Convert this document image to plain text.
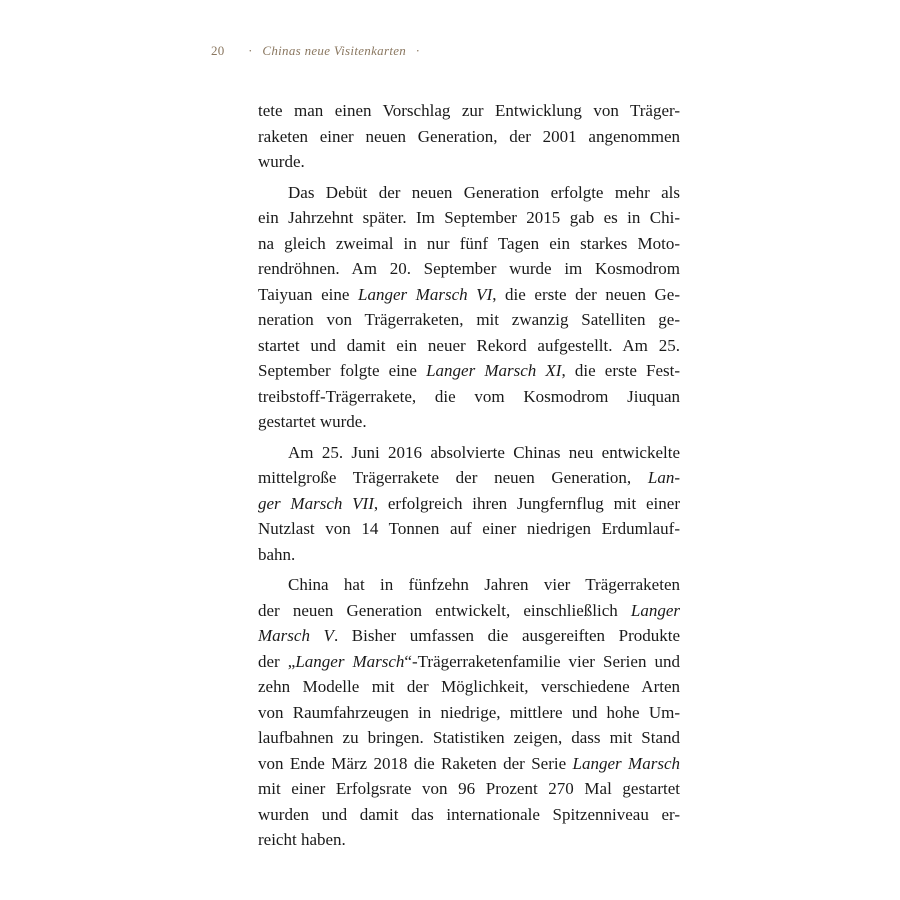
20 · Chinas neue Visitenkarten ·
tete man einen Vorschlag zur Entwicklung von Träger-
raketen einer neuen Generation, der 2001 angenommen
wurde.
Das Debüt der neuen Generation erfolgte mehr als
ein Jahrzehnt später. Im September 2015 gab es in Chi-
na gleich zweimal in nur fünf Tagen ein starkes Moto-
rendröhnen. Am 20. September wurde im Kosmodrom
Taiyuan eine Langer Marsch VI, die erste der neuen Ge-
neration von Trägerraketen, mit zwanzig Satelliten ge-
startet und damit ein neuer Rekord aufgestellt. Am 25.
September folgte eine Langer Marsch XI, die erste Fest-
treibstoff-Trägerrakete, die vom Kosmodrom Jiuquan
gestartet wurde.
Am 25. Juni 2016 absolvierte Chinas neu entwickelte
mittelgroße Trägerrakete der neuen Generation, Lan-
ger Marsch VII, erfolgreich ihren Jungfernflug mit einer
Nutzlast von 14 Tonnen auf einer niedrigen Erdumlauf-
bahn.
China hat in fünfzehn Jahren vier Trägerraketen
der neuen Generation entwickelt, einschließlich Langer
Marsch V. Bisher umfassen die ausgereiften Produkte
der „Langer Marsch“-Trägerraketenfamilie vier Serien und
zehn Modelle mit der Möglichkeit, verschiedene Arten
von Raumfahrzeugen in niedrige, mittlere und hohe Um-
laufbahnen zu bringen. Statistiken zeigen, dass mit Stand
von Ende März 2018 die Raketen der Serie Langer Marsch
mit einer Erfolgsrate von 96 Prozent 270 Mal gestartet
wurden und damit das internationale Spitzenniveau er-
reicht haben.
